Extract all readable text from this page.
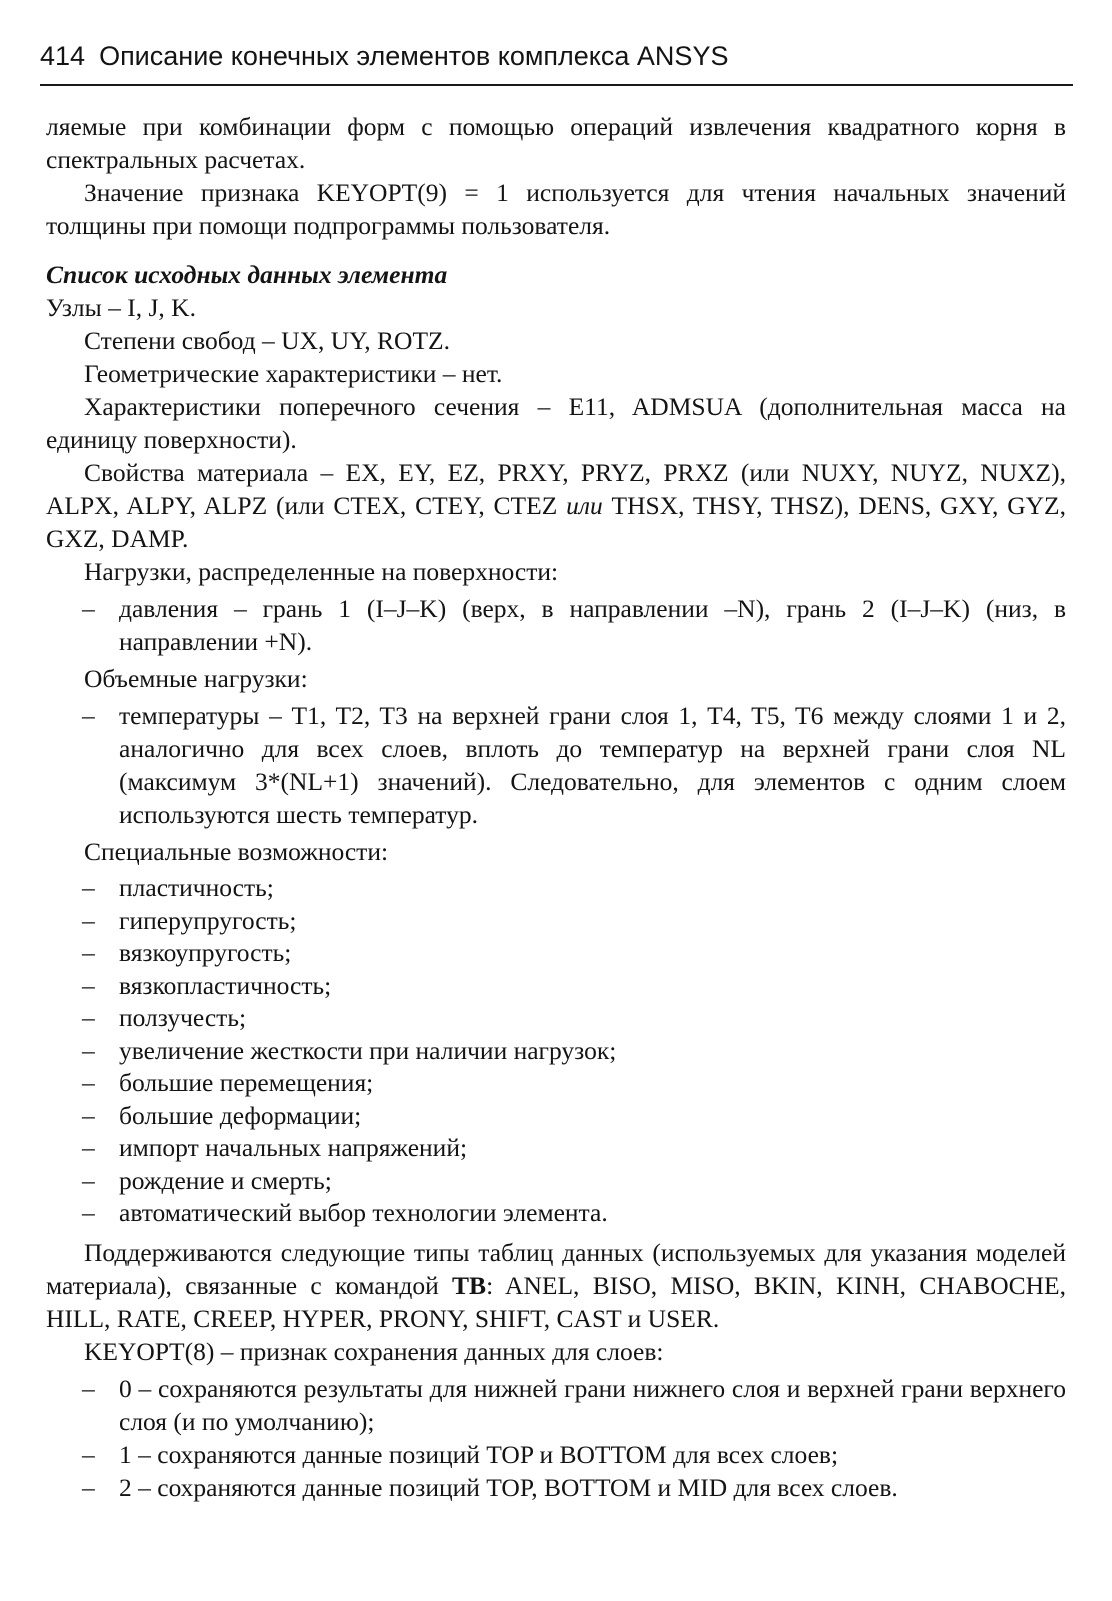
414 Описание конечных элементов комплекса ANSYS

ляемые при комбинации форм с помощью операций извлечения квадратного корня в спектральных расчетах.

Значение признака KEYOPT(9) = 1 используется для чтения начальных значений толщины при помощи подпрограммы пользователя.

Список исходных данных элемента

Узлы – I, J, K.

Степени свобод – UX, UY, ROTZ.

Геометрические характеристики – нет.

Характеристики поперечного сечения – E11, ADMSUA (дополнительная масса на единицу поверхности).

Свойства материала – EX, EY, EZ, PRXY, PRYZ, PRXZ (или NUXY, NUYZ, NUXZ), ALPX, ALPY, ALPZ (или CTEX, CTEY, CTEZ или THSX, THSY, THSZ), DENS, GXY, GYZ, GXZ, DAMP.

Нагрузки, распределенные на поверхности:

– давления – грань 1 (I–J–K) (верх, в направлении –N), грань 2 (I–J–K) (низ, в направлении +N).

Объемные нагрузки:

– температуры – T1, T2, T3 на верхней грани слоя 1, T4, T5, T6 между слоями 1 и 2, аналогично для всех слоев, вплоть до температур на верхней грани слоя NL (максимум 3*(NL+1) значений). Следовательно, для элементов с одним слоем используются шесть температур.

Специальные возможности:

– пластичность;
– гиперупругость;
– вязкоупругость;
– вязкопластичность;
– ползучесть;
– увеличение жесткости при наличии нагрузок;
– большие перемещения;
– большие деформации;
– импорт начальных напряжений;
– рождение и смерть;
– автоматический выбор технологии элемента.

Поддерживаются следующие типы таблиц данных (используемых для указания моделей материала), связанные с командой TB: ANEL, BISO, MISO, BKIN, KINH, CHABOCHE, HILL, RATE, CREEP, HYPER, PRONY, SHIFT, CAST и USER.

KEYOPT(8) – признак сохранения данных для слоев:

– 0 – сохраняются результаты для нижней грани нижнего слоя и верхней грани верхнего слоя (и по умолчанию);
– 1 – сохраняются данные позиций TOP и BOTTOM для всех слоев;
– 2 – сохраняются данные позиций TOP, BOTTOM и MID для всех слоев.
